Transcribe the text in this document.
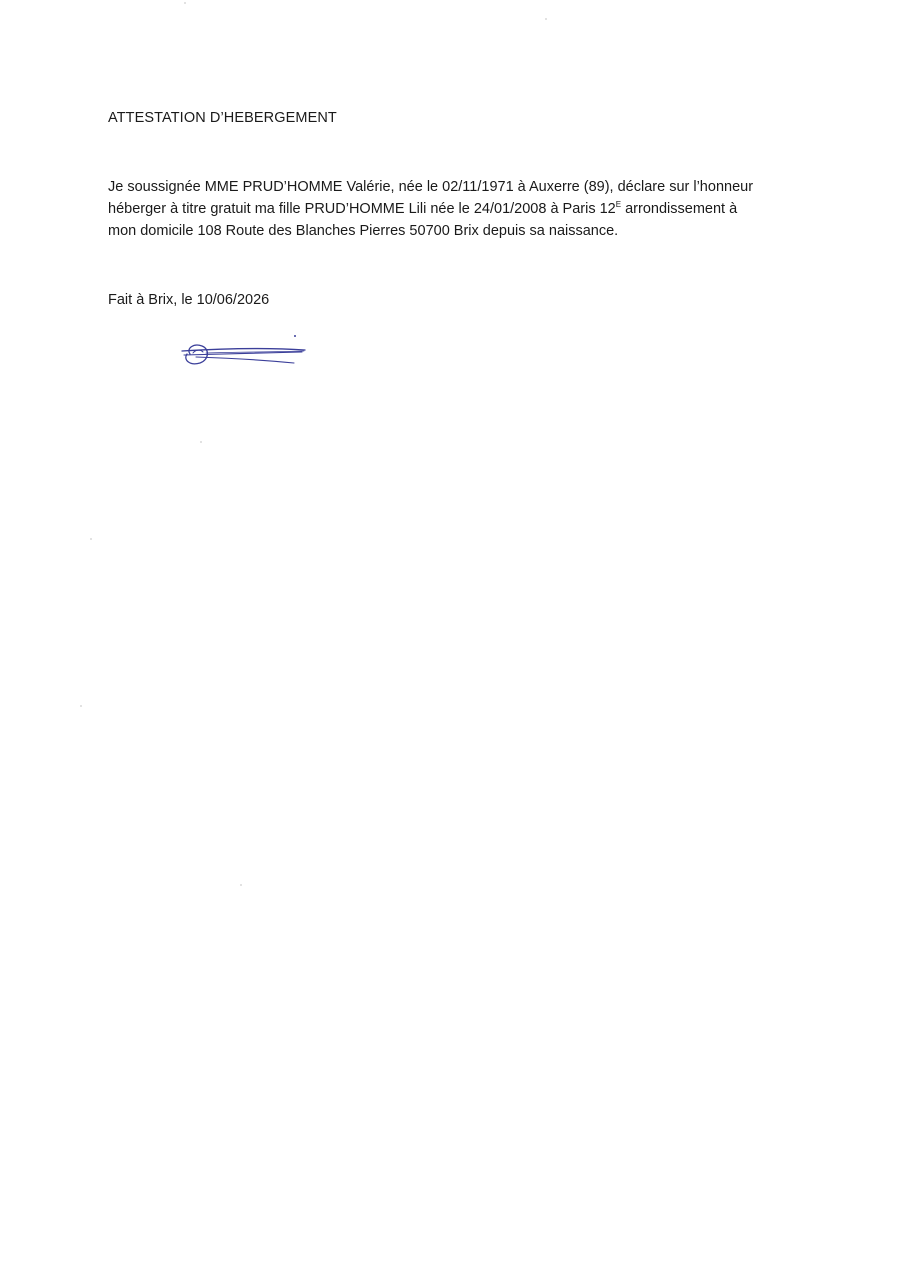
ATTESTATION D’HEBERGEMENT
Je soussignée MME PRUD’HOMME Valérie, née le 02/11/1971 à Auxerre (89), déclare sur l’honneur
héberger à titre gratuit ma fille PRUD’HOMME Lili née le 24/01/2008 à Paris $12^E$ arrondissement à
mon domicile 108 Route des Blanches Pierres 50700 Brix depuis sa naissance.
Fait à Brix, le 10/06/2026
